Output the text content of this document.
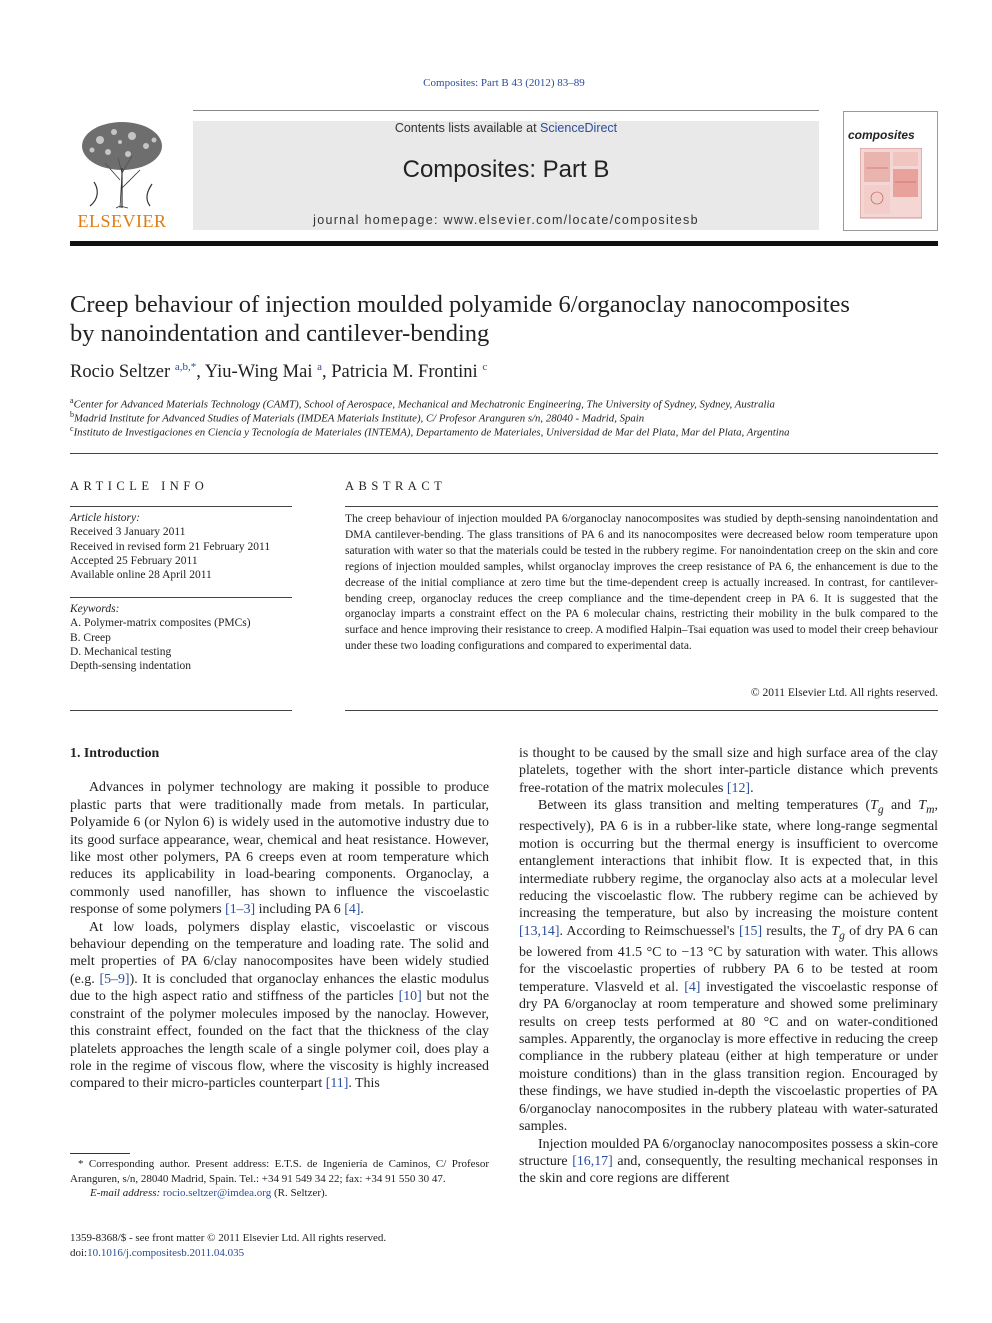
Composites: Part B 43 (2012) 83–89
ELSEVIER
Contents lists available at ScienceDirect
Composites: Part B
journal homepage: www.elsevier.com/locate/compositesb
composites
Creep behaviour of injection moulded polyamide 6/organoclay nanocomposites
by nanoindentation and cantilever-bending
Rocio Seltzer $^{a,b,*}$, Yiu-Wing Mai $^a$, Patricia M. Frontini $^c$
$^a$Center for Advanced Materials Technology (CAMT), School of Aerospace, Mechanical and Mechatronic Engineering, The University of Sydney, Sydney, Australia
$^b$Madrid Institute for Advanced Studies of Materials (IMDEA Materials Institute), C/ Profesor Aranguren s/n, 28040 - Madrid, Spain
$^c$Instituto de Investigaciones en Ciencia y Tecnología de Materiales (INTEMA), Departamento de Materiales, Universidad de Mar del Plata, Mar del Plata, Argentina
ARTICLE INFO
Article history:
Received 3 January 2011
Received in revised form 21 February 2011
Accepted 25 February 2011
Available online 28 April 2011
Keywords:
A. Polymer-matrix composites (PMCs)
B. Creep
D. Mechanical testing
Depth-sensing indentation
ABSTRACT
The creep behaviour of injection moulded PA 6/organoclay nanocomposites was studied by depth-sensing nanoindentation and DMA cantilever-bending. The glass transitions of PA 6 and its nanocomposites were decreased below room temperature upon saturation with water so that the materials could be tested in the rubbery regime. For nanoindentation creep on the skin and core regions of injection moulded samples, whilst organoclay improves the creep resistance of PA 6, the enhancement is due to the decrease of the initial compliance at zero time but the time-dependent creep is actually increased. In contrast, for cantilever-bending creep, organoclay reduces the creep compliance and the time-dependent creep in PA 6. It is suggested that the organoclay imparts a constraint effect on the PA 6 molecular chains, restricting their mobility in the bulk compared to the surface and hence improving their resistance to creep. A modified Halpin–Tsai equation was used to model their creep behaviour under these two loading configurations and compared to experimental data.
© 2011 Elsevier Ltd. All rights reserved.

1. Introduction

Advances in polymer technology are making it possible to produce plastic parts that were traditionally made from metals. In particular, Polyamide 6 (or Nylon 6) is widely used in the automotive industry due to its good surface appearance, wear, chemical and heat resistance. However, like most other polymers, PA 6 creeps even at room temperature which reduces its applicability in load-bearing components. Organoclay, a commonly used nanofiller, has shown to influence the viscoelastic response of some polymers [1–3] including PA 6 [4].

At low loads, polymers display elastic, viscoelastic or viscous behaviour depending on the temperature and loading rate. The solid and melt properties of PA 6/clay nanocomposites have been widely studied (e.g. [5–9]). It is concluded that organoclay enhances the elastic modulus due to the high aspect ratio and stiffness of the particles [10] but not the constraint of the polymer molecules imposed by the nanoclay. However, this constraint effect, founded on the fact that the thickness of the clay platelets approaches the length scale of a single polymer coil, does play a role in the regime of viscous flow, where the viscosity is highly increased compared to their micro-particles counterpart [11]. This

* Corresponding author. Present address: E.T.S. de Ingeniería de Caminos, C/ Profesor Aranguren, s/n, 28040 Madrid, Spain. Tel.: +34 91 549 34 22; fax: +34 91 550 30 47.
E-mail address: rocio.seltzer@imdea.org (R. Seltzer).
1359-8368/$ - see front matter © 2011 Elsevier Ltd. All rights reserved.
doi:10.1016/j.compositesb.2011.04.035

is thought to be caused by the small size and high surface area of the clay platelets, together with the short inter-particle distance which prevents free-rotation of the matrix molecules [12].

Between its glass transition and melting temperatures ($T_g$ and $T_m$, respectively), PA 6 is in a rubber-like state, where long-range segmental motion is occurring but the thermal energy is insufficient to overcome entanglement interactions that inhibit flow. It is expected that, in this intermediate rubbery regime, the organoclay also acts at a molecular level reducing the viscoelastic flow. The rubbery regime can be achieved by increasing the temperature, but also by increasing the moisture content [13,14]. According to Reimschuessel's [15] results, the $T_g$ of dry PA 6 can be lowered from 41.5 °C to −13 °C by saturation with water. This allows for the viscoelastic properties of rubbery PA 6 to be tested at room temperature. Vlasveld et al. [4] investigated the viscoelastic response of dry PA 6/organoclay at room temperature and showed some preliminary results on creep tests performed at 80 °C and on water-conditioned samples. Apparently, the organoclay is more effective in reducing the creep compliance in the rubbery plateau (either at high temperature or under moisture conditions) than in the glass transition region. Encouraged by these findings, we have studied in-depth the viscoelastic properties of PA 6/organoclay nanocomposites in the rubbery plateau with water-saturated samples.

Injection moulded PA 6/organoclay nanocomposites possess a skin-core structure [16,17] and, consequently, the resulting mechanical responses in the skin and core regions are different
